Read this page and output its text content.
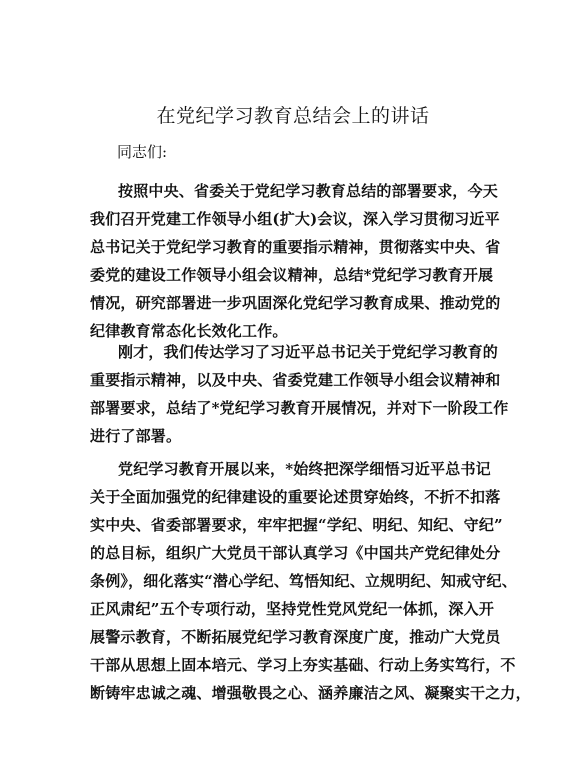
在党纪学习教育总结会上的讲话
同志们:

按照中央、省委关于党纪学习教育总结的部署要求，今天
我们召开党建工作领导小组(扩大)会议，深入学习贯彻习近平
总书记关于党纪学习教育的重要指示精神，贯彻落实中央、省
委党的建设工作领导小组会议精神，总结*党纪学习教育开展
情况，研究部署进一步巩固深化党纪学习教育成果、推动党的
纪律教育常态化长效化工作。

刚才，我们传达学习了习近平总书记关于党纪学习教育的
重要指示精神，以及中央、省委党建工作领导小组会议精神和
部署要求，总结了*党纪学习教育开展情况，并对下一阶段工作
进行了部署。

党纪学习教育开展以来，*始终把深学细悟习近平总书记
关于全面加强党的纪律建设的重要论述贯穿始终，不折不扣落
实中央、省委部署要求，牢牢把握“学纪、明纪、知纪、守纪”
的总目标，组织广大党员干部认真学习《中国共产党纪律处分
条例》，细化落实“潜心学纪、笃悟知纪、立规明纪、知戒守纪、
正风肃纪”五个专项行动，坚持党性党风党纪一体抓，深入开
展警示教育，不断拓展党纪学习教育深度广度，推动广大党员
干部从思想上固本培元、学习上夯实基础、行动上务实笃行，不
断铸牢忠诚之魂、增强敬畏之心、涵养廉洁之风、凝聚实干之力，
